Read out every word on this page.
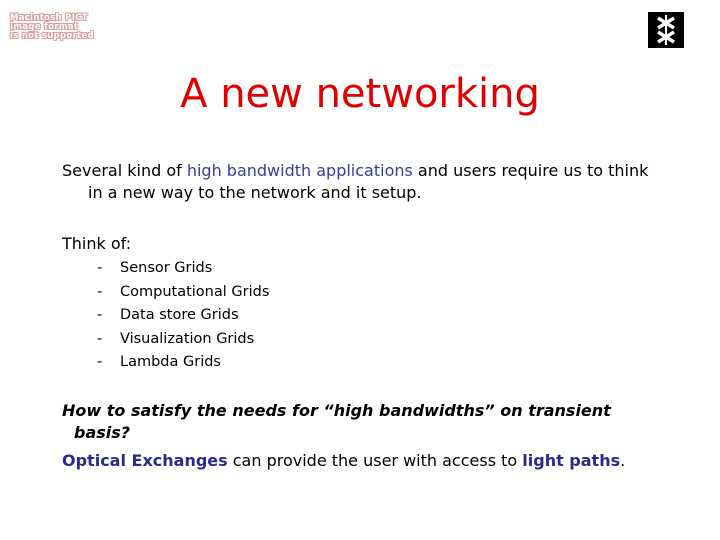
Macintosh PICT
image format
is not supported
A new networking
Several kind of high bandwidth applications and users require us to think
in a new way to the network and it setup.
Think of:
-	Sensor Grids
-	Computational Grids
-	Data store Grids
-	Visualization Grids
-	Lambda Grids
How to satisfy the needs for “high bandwidths” on transient
basis?
Optical Exchanges can provide the user with access to light paths.
